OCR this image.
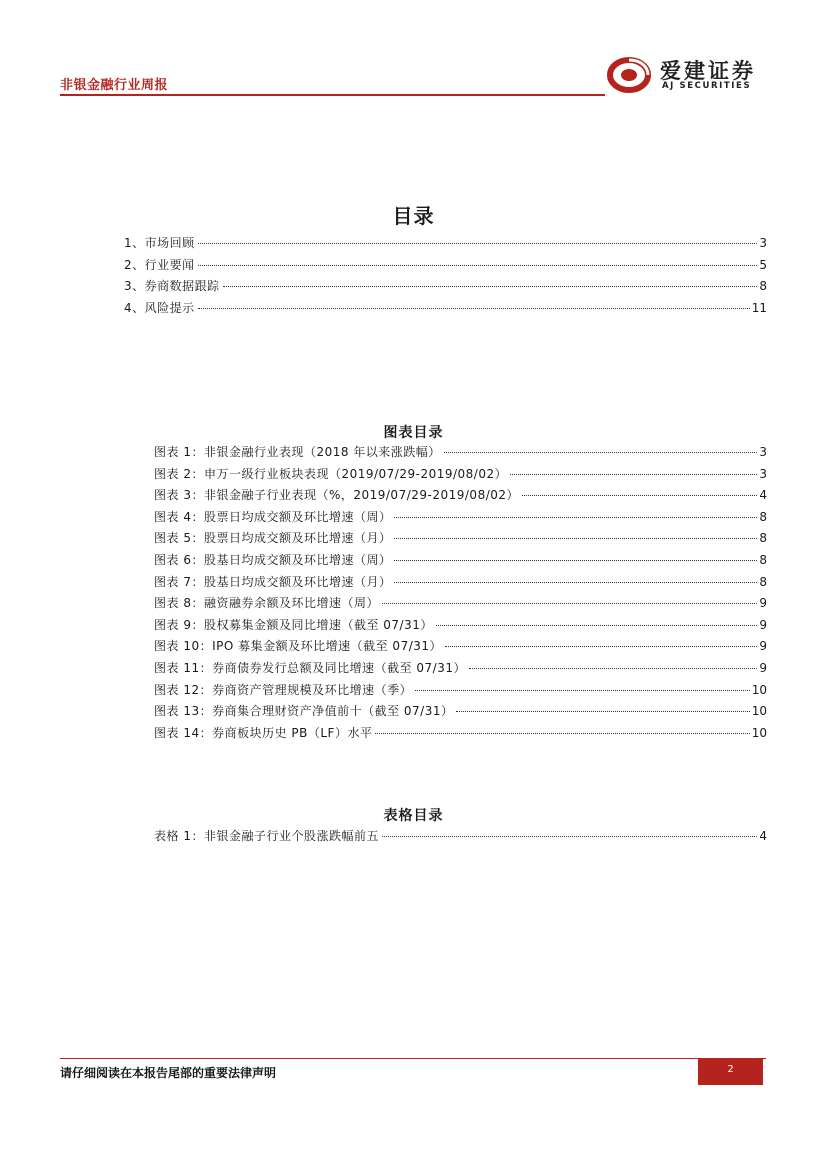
非银金融行业周报
爱建证券
AJ SECURITIES
目录
1、市场回顾	3
2、行业要闻	5
3、券商数据跟踪	8
4、风险提示	11
图表目录
图表 1：非银金融行业表现（2018 年以来涨跌幅）	3
图表 2：申万一级行业板块表现（2019/07/29-2019/08/02）	3
图表 3：非银金融子行业表现（%，2019/07/29-2019/08/02）	4
图表 4：股票日均成交额及环比增速（周）	8
图表 5：股票日均成交额及环比增速（月）	8
图表 6：股基日均成交额及环比增速（周）	8
图表 7：股基日均成交额及环比增速（月）	8
图表 8：融资融券余额及环比增速（周）	9
图表 9：股权募集金额及同比增速（截至 07/31）	9
图表 10：IPO 募集金额及环比增速（截至 07/31）	9
图表 11：券商债券发行总额及同比增速（截至 07/31）	9
图表 12：券商资产管理规模及环比增速（季）	10
图表 13：券商集合理财资产净值前十（截至 07/31）	10
图表 14：券商板块历史 PB（LF）水平	10
表格目录
表格 1：非银金融子行业个股涨跌幅前五	4
请仔细阅读在本报告尾部的重要法律声明	2
